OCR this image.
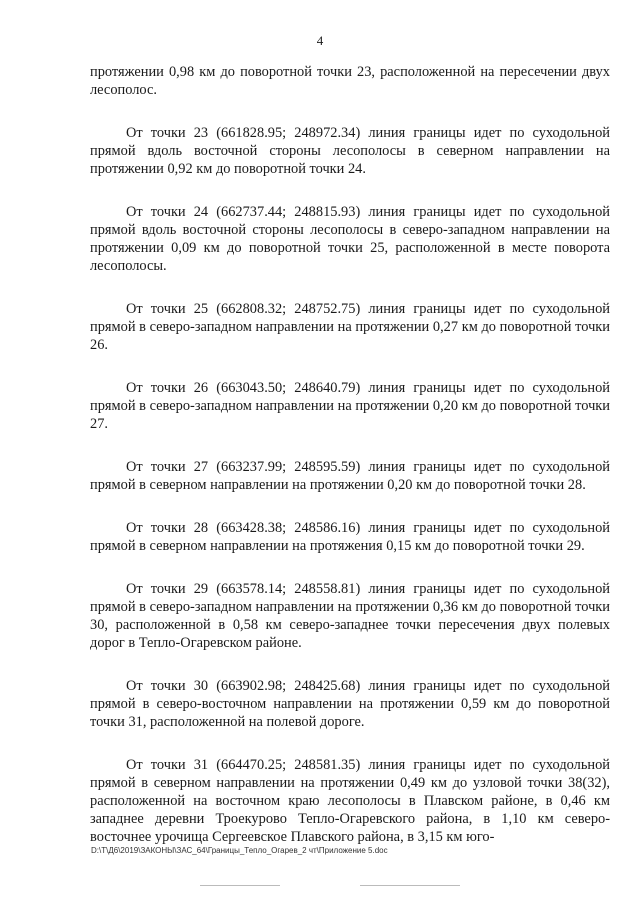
4

протяжении 0,98 км до поворотной точки 23, расположенной на пересечении двух лесополос.

От точки 23 (661828.95; 248972.34) линия границы идет по суходольной прямой вдоль восточной стороны лесополосы в северном направлении на протяжении 0,92 км до поворотной точки 24.

От точки 24 (662737.44; 248815.93) линия границы идет по суходольной прямой вдоль восточной стороны лесополосы в северо-западном направлении на протяжении 0,09 км до поворотной точки 25, расположенной в месте поворота лесополосы.

От точки 25 (662808.32; 248752.75) линия границы идет по суходольной прямой в северо-западном направлении на протяжении 0,27 км до поворотной точки 26.

От точки 26 (663043.50; 248640.79) линия границы идет по суходольной прямой в северо-западном направлении на протяжении 0,20 км до поворотной точки 27.

От точки 27 (663237.99; 248595.59) линия границы идет по суходольной прямой в северном направлении на протяжении 0,20 км до поворотной точки 28.

От точки 28 (663428.38; 248586.16) линия границы идет по суходольной прямой в северном направлении на протяжения 0,15 км до поворотной точки 29.

От точки 29 (663578.14; 248558.81) линия границы идет по суходольной прямой в северо-западном направлении на протяжении 0,36 км до поворотной точки 30, расположенной в 0,58 км северо-западнее точки пересечения двух полевых дорог в Тепло-Огаревском районе.

От точки 30 (663902.98; 248425.68) линия границы идет по суходольной прямой в северо-восточном направлении на протяжении 0,59 км до поворотной точки 31, расположенной на полевой дороге.

От точки 31 (664470.25; 248581.35) линия границы идет по суходольной прямой в северном направлении на протяжении 0,49 км до узловой точки 38(32), расположенной на восточном краю лесополосы в Плавском районе, в 0,46 км западнее деревни Троекурово Тепло-Огаревского района, в 1,10 км северо-восточнее урочища Сергеевское Плавского района, в 3,15 км юго-

D:\Т\Д6\2019\ЗАКОНЫ\ЗАС_64\Границы_Тепло_Огарев_2 чт\Приложение 5.doc
